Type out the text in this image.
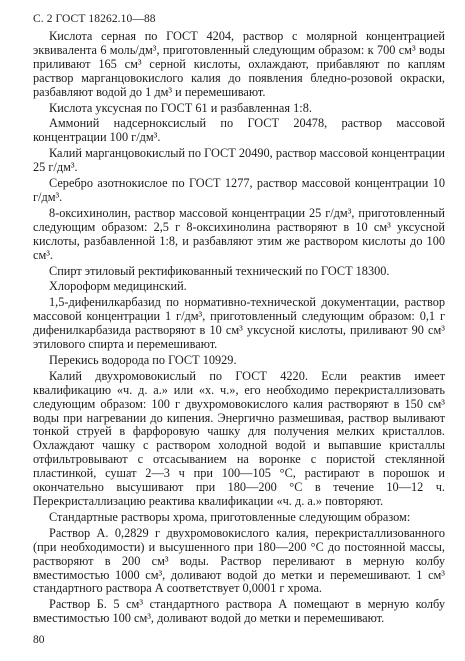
С. 2 ГОСТ 18262.10—88

Кислота серная по ГОСТ 4204, раствор с молярной концентрацией эквивалента 6 моль/дм³, приготовленный следующим образом: к 700 см³ воды приливают 165 см³ серной кислоты, охлаждают, прибавляют по каплям раствор марганцовокислого калия до появления бледно-розовой окраски, разбавляют водой до 1 дм³ и перемешивают.

Кислота уксусная по ГОСТ 61 и разбавленная 1:8.

Аммоний надсерноксислый по ГОСТ 20478, раствор массовой концентрации 100 г/дм³.

Калий марганцовокислый по ГОСТ 20490, раствор массовой концентрации 25 г/дм³.

Серебро азотнокислое по ГОСТ 1277, раствор массовой концентрации 10 г/дм³.

8-оксихинолин, раствор массовой концентрации 25 г/дм³, приготовленный следующим образом: 2,5 г 8-оксихинолина растворяют в 10 см³ уксусной кислоты, разбавленной 1:8, и разбавляют этим же раствором кислоты до 100 см³.

Спирт этиловый ректификованный технический по ГОСТ 18300.

Хлороформ медицинский.

1,5-дифенилкарбазид по нормативно-технической документации, раствор массовой концентрации 1 г/дм³, приготовленный следующим образом: 0,1 г дифенилкарбазида растворяют в 10 см³ уксусной кислоты, приливают 90 см³ этилового спирта и перемешивают.

Перекись водорода по ГОСТ 10929.

Калий двухромовокислый по ГОСТ 4220. Если реактив имеет квалификацию «ч. д. а.» или «х. ч.», его необходимо перекристаллизовать следующим образом: 100 г двухромовокислого калия растворяют в 150 см³ воды при нагревании до кипения. Энергично размешивая, раствор выливают тонкой струей в фарфоровую чашку для получения мелких кристаллов. Охлаждают чашку с раствором холодной водой и выпавшие кристаллы отфильтровывают с отсасыванием на воронке с пористой стеклянной пластинкой, сушат 2—3 ч при 100—105 °С, растирают в порошок и окончательно высушивают при 180—200 °С в течение 10—12 ч. Перекристаллизацию реактива квалификации «ч. д. а.» повторяют.

Стандартные растворы хрома, приготовленные следующим образом:

Раствор А. 0,2829 г двухромовокислого калия, перекристаллизованного (при необходимости) и высушенного при 180—200 °С до постоянной массы, растворяют в 200 см³ воды. Раствор переливают в мерную колбу вместимостью 1000 см³, доливают водой до метки и перемешивают. 1 см³ стандартного раствора А соответствует 0,0001 г хрома.

Раствор Б. 5 см³ стандартного раствора А помещают в мерную колбу вместимостью 100 см³, доливают водой до метки и перемешивают.

80
